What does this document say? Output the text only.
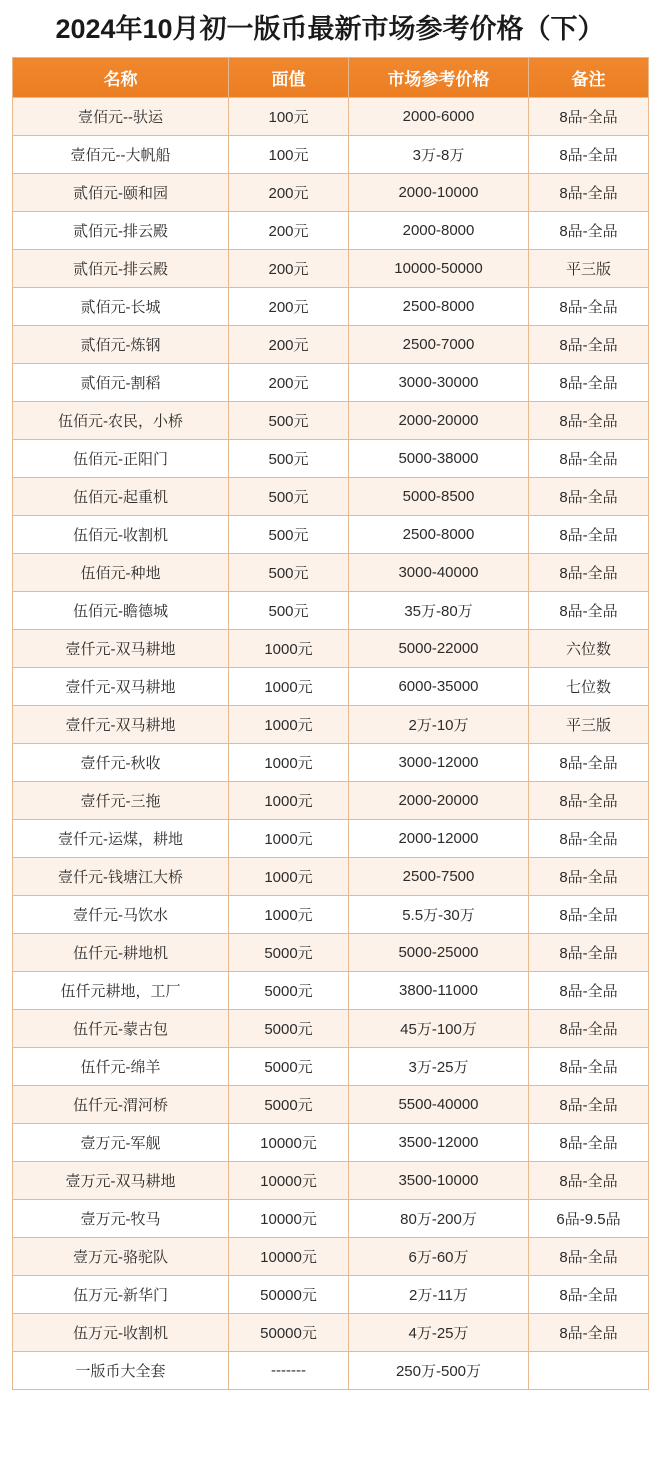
2024年10月初一版币最新市场参考价格（下）
名称	面值	市场参考价格	备注
壹佰元--驮运	100元	2000-6000	8品-全品
壹佰元--大帆船	100元	3万-8万	8品-全品
贰佰元-颐和园	200元	2000-10000	8品-全品
贰佰元-排云殿	200元	2000-8000	8品-全品
贰佰元-排云殿	200元	10000-50000	平三版
贰佰元-长城	200元	2500-8000	8品-全品
贰佰元-炼钢	200元	2500-7000	8品-全品
贰佰元-割稻	200元	3000-30000	8品-全品
伍佰元-农民，小桥	500元	2000-20000	8品-全品
伍佰元-正阳门	500元	5000-38000	8品-全品
伍佰元-起重机	500元	5000-8500	8品-全品
伍佰元-收割机	500元	2500-8000	8品-全品
伍佰元-种地	500元	3000-40000	8品-全品
伍佰元-瞻德城	500元	35万-80万	8品-全品
壹仟元-双马耕地	1000元	5000-22000	六位数
壹仟元-双马耕地	1000元	6000-35000	七位数
壹仟元-双马耕地	1000元	2万-10万	平三版
壹仟元-秋收	1000元	3000-12000	8品-全品
壹仟元-三拖	1000元	2000-20000	8品-全品
壹仟元-运煤，耕地	1000元	2000-12000	8品-全品
壹仟元-钱塘江大桥	1000元	2500-7500	8品-全品
壹仟元-马饮水	1000元	5.5万-30万	8品-全品
伍仟元-耕地机	5000元	5000-25000	8品-全品
伍仟元耕地，工厂	5000元	3800-11000	8品-全品
伍仟元-蒙古包	5000元	45万-100万	8品-全品
伍仟元-绵羊	5000元	3万-25万	8品-全品
伍仟元-渭河桥	5000元	5500-40000	8品-全品
壹万元-军舰	10000元	3500-12000	8品-全品
壹万元-双马耕地	10000元	3500-10000	8品-全品
壹万元-牧马	10000元	80万-200万	6品-9.5品
壹万元-骆驼队	10000元	6万-60万	8品-全品
伍万元-新华门	50000元	2万-11万	8品-全品
伍万元-收割机	50000元	4万-25万	8品-全品
一版币大全套	-------	250万-500万	
